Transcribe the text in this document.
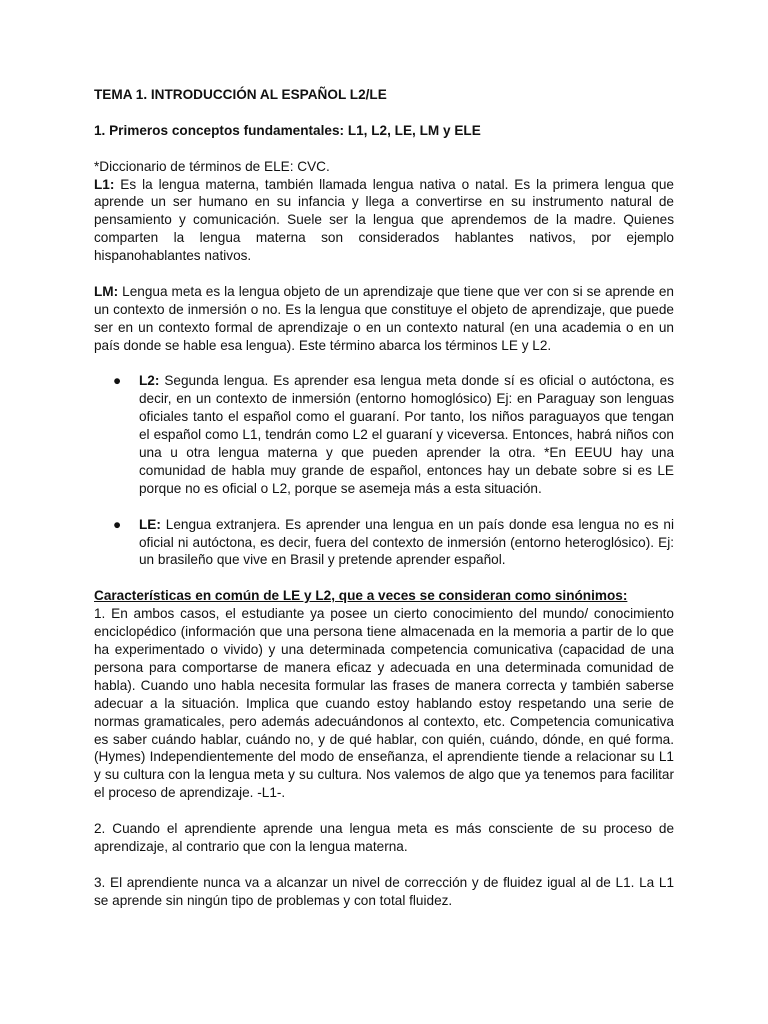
TEMA 1. INTRODUCCIÓN AL ESPAÑOL L2/LE

1. Primeros conceptos fundamentales: L1, L2, LE, LM y ELE

*Diccionario de términos de ELE: CVC.

L1: Es la lengua materna, también llamada lengua nativa o natal. Es la primera lengua que aprende un ser humano en su infancia y llega a convertirse en su instrumento natural de pensamiento y comunicación. Suele ser la lengua que aprendemos de la madre. Quienes comparten la lengua materna son considerados hablantes nativos, por ejemplo hispanohablantes nativos.

LM: Lengua meta es la lengua objeto de un aprendizaje que tiene que ver con si se aprende en un contexto de inmersión o no. Es la lengua que constituye el objeto de aprendizaje, que puede ser en un contexto formal de aprendizaje o en un contexto natural (en una academia o en un país donde se hable esa lengua). Este término abarca los términos LE y L2.

● L2: Segunda lengua. Es aprender esa lengua meta donde sí es oficial o autóctona, es decir, en un contexto de inmersión (entorno homoglósico) Ej: en Paraguay son lenguas oficiales tanto el español como el guaraní. Por tanto, los niños paraguayos que tengan el español como L1, tendrán como L2 el guaraní y viceversa. Entonces, habrá niños con una u otra lengua materna y que pueden aprender la otra. *En EEUU hay una comunidad de habla muy grande de español, entonces hay un debate sobre si es LE porque no es oficial o L2, porque se asemeja más a esta situación.
● LE: Lengua extranjera. Es aprender una lengua en un país donde esa lengua no es ni oficial ni autóctona, es decir, fuera del contexto de inmersión (entorno heteroglósico). Ej: un brasileño que vive en Brasil y pretende aprender español.

Características en común de LE y L2, que a veces se consideran como sinónimos:

1. En ambos casos, el estudiante ya posee un cierto conocimiento del mundo/ conocimiento enciclopédico (información que una persona tiene almacenada en la memoria a partir de lo que ha experimentado o vivido) y una determinada competencia comunicativa (capacidad de una persona para comportarse de manera eficaz y adecuada en una determinada comunidad de habla). Cuando uno habla necesita formular las frases de manera correcta y también saberse adecuar a la situación. Implica que cuando estoy hablando estoy respetando una serie de normas gramaticales, pero además adecuándonos al contexto, etc. Competencia comunicativa es saber cuándo hablar, cuándo no, y de qué hablar, con quién, cuándo, dónde, en qué forma. (Hymes) Independientemente del modo de enseñanza, el aprendiente tiende a relacionar su L1 y su cultura con la lengua meta y su cultura. Nos valemos de algo que ya tenemos para facilitar el proceso de aprendizaje. -L1-.

2. Cuando el aprendiente aprende una lengua meta es más consciente de su proceso de aprendizaje, al contrario que con la lengua materna.

3. El aprendiente nunca va a alcanzar un nivel de corrección y de fluidez igual al de L1. La L1 se aprende sin ningún tipo de problemas y con total fluidez.
